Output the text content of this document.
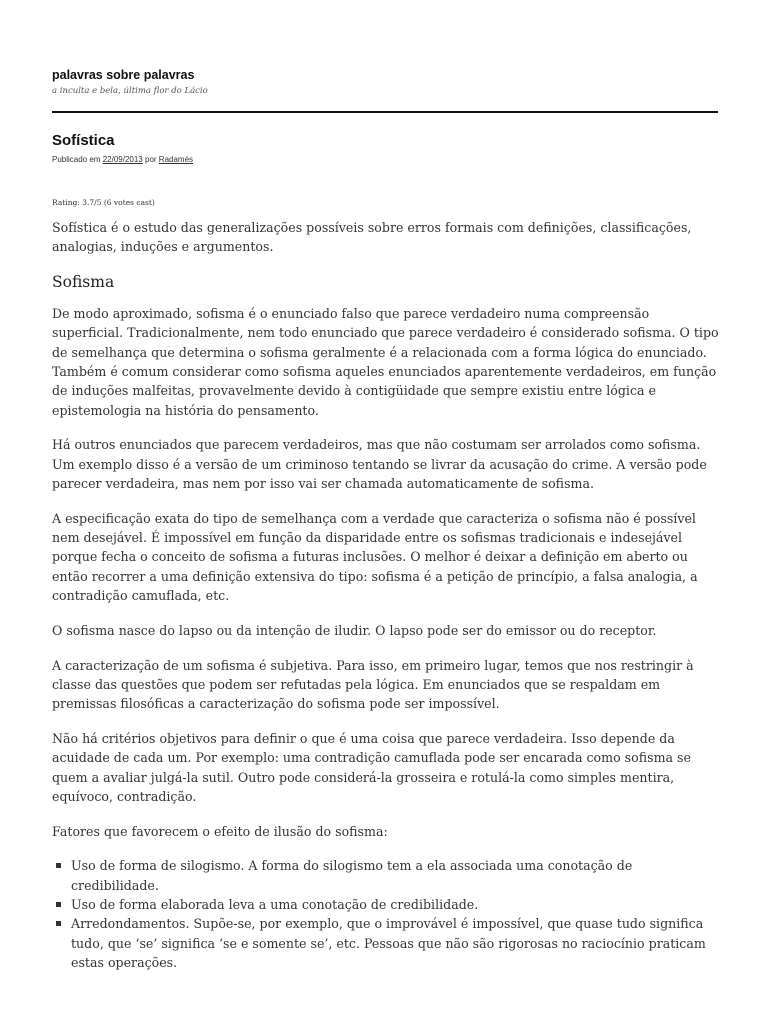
palavras sobre palavras
a inculta e bela, última flor do Lácio
Sofística
Publicado em 22/09/2013 por Radamés
Rating: 3.7/5 (6 votes cast)

Sofística é o estudo das generalizações possíveis sobre erros formais com definições, classificações, analogias, induções e argumentos.

Sofisma

De modo aproximado, sofisma é o enunciado falso que parece verdadeiro numa compreensão superficial. Tradicionalmente, nem todo enunciado que parece verdadeiro é considerado sofisma. O tipo de semelhança que determina o sofisma geralmente é a relacionada com a forma lógica do enunciado. Também é comum considerar como sofisma aqueles enunciados aparentemente verdadeiros, em função de induções malfeitas, provavelmente devido à contigüidade que sempre existiu entre lógica e epistemologia na história do pensamento.

Há outros enunciados que parecem verdadeiros, mas que não costumam ser arrolados como sofisma. Um exemplo disso é a versão de um criminoso tentando se livrar da acusação do crime. A versão pode parecer verdadeira, mas nem por isso vai ser chamada automaticamente de sofisma.

A especificação exata do tipo de semelhança com a verdade que caracteriza o sofisma não é possível nem desejável. É impossível em função da disparidade entre os sofismas tradicionais e indesejável porque fecha o conceito de sofisma a futuras inclusões. O melhor é deixar a definição em aberto ou então recorrer a uma definição extensiva do tipo: sofisma é a petição de princípio, a falsa analogia, a contradição camuflada, etc.

O sofisma nasce do lapso ou da intenção de iludir. O lapso pode ser do emissor ou do receptor.

A caracterização de um sofisma é subjetiva. Para isso, em primeiro lugar, temos que nos restringir à classe das questões que podem ser refutadas pela lógica. Em enunciados que se respaldam em premissas filosóficas a caracterização do sofisma pode ser impossível.

Não há critérios objetivos para definir o que é uma coisa que parece verdadeira. Isso depende da acuidade de cada um. Por exemplo: uma contradição camuflada pode ser encarada como sofisma se quem a avaliar julgá-la sutil. Outro pode considerá-la grosseira e rotulá-la como simples mentira, equívoco, contradição.

Fatores que favorecem o efeito de ilusão do sofisma:

Uso de forma de silogismo. A forma do silogismo tem a ela associada uma conotação de credibilidade.
Uso de forma elaborada leva a uma conotação de credibilidade.
Arredondamentos. Supõe-se, por exemplo, que o improvável é impossível, que quase tudo significa tudo, que ‘se’ significa ‘se e somente se’, etc. Pessoas que não são rigorosas no raciocínio praticam estas operações.
